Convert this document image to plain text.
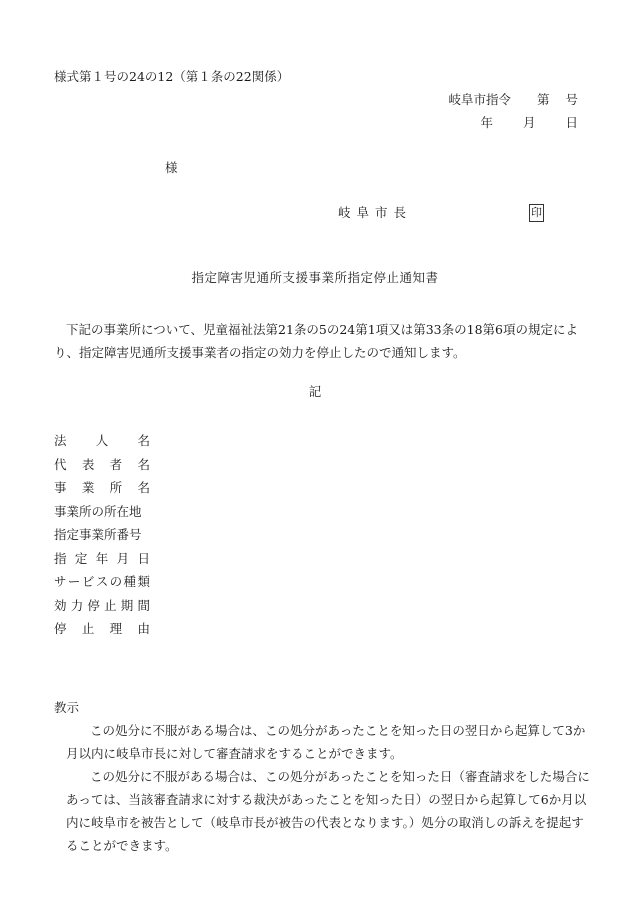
様式第１号の24の12（第１条の22関係）
岐阜市指令 第 号
年 月 日
様
岐阜市長	印
指定障害児通所支援事業所指定停止通知書
下記の事業所について、児童福祉法第21条の5の24第1項又は第33条の18第6項の規定により、指定障害児通所支援事業者の指定の効力を停止したので通知します。
記
法 人 名
代 表 者 名
事 業 所 名
事業所の所在地
指定事業所番号
指 定 年 月 日
サ ー ビ ス の 種 類
効 力 停 止 期 間
停 止 理 由
教示

この処分に不服がある場合は、この処分があったことを知った日の翌日から起算して3か月以内に岐阜市長に対して審査請求をすることができます。

この処分に不服がある場合は、この処分があったことを知った日（審査請求をした場合にあっては、当該審査請求に対する裁決があったことを知った日）の翌日から起算して6か月以内に岐阜市を被告として（岐阜市長が被告の代表となります。）処分の取消しの訴えを提起することができます。
